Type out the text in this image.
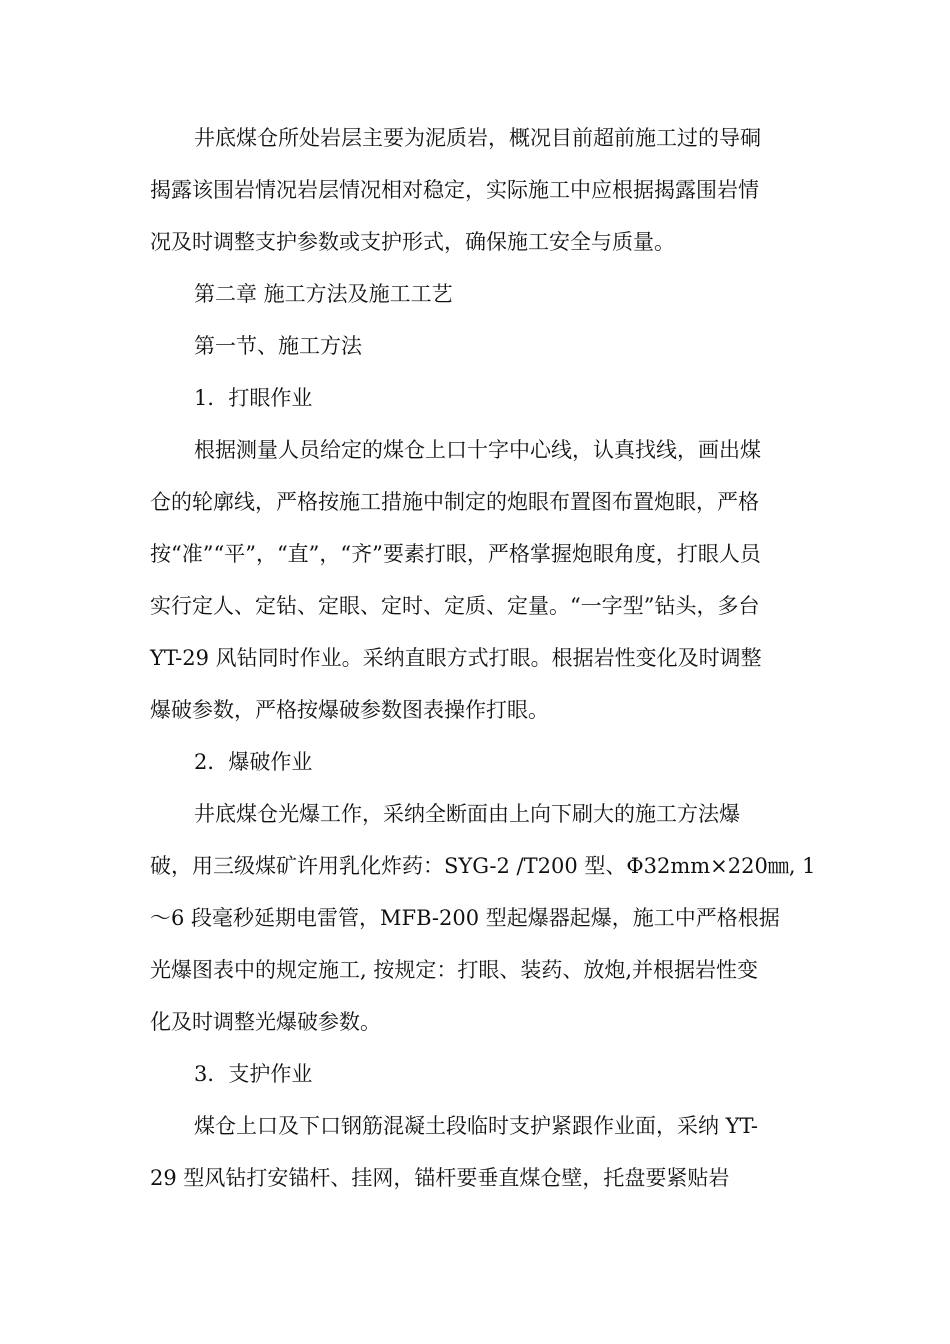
井底煤仓所处岩层主要为泥质岩，概况目前超前施工过的导硐
揭露该围岩情况岩层情况相对稳定，实际施工中应根据揭露围岩情
况及时调整支护参数或支护形式，确保施工安全与质量。
第二章 施工方法及施工工艺
第一节、施工方法
1．打眼作业
根据测量人员给定的煤仓上口十字中心线，认真找线，画出煤
仓的轮廓线，严格按施工措施中制定的炮眼布置图布置炮眼，严格
按“准”“平”，“直”，“齐”要素打眼，严格掌握炮眼角度，打眼人员
实行定人、定钻、定眼、定时、定质、定量。“一字型”钻头，多台
YT-29 风钻同时作业。采纳直眼方式打眼。根据岩性变化及时调整
爆破参数，严格按爆破参数图表操作打眼。
2．爆破作业
井底煤仓光爆工作，采纳全断面由上向下刷大的施工方法爆
破，用三级煤矿许用乳化炸药：SYG-2 /T200 型、Φ32mm×220㎜, 1
～6 段毫秒延期电雷管，MFB-200 型起爆器起爆，施工中严格根据
光爆图表中的规定施工, 按规定：打眼、装药、放炮,并根据岩性变
化及时调整光爆破参数。
3．支护作业
煤仓上口及下口钢筋混凝土段临时支护紧跟作业面，采纳 YT-
29 型风钻打安锚杆、挂网，锚杆要垂直煤仓壁，托盘要紧贴岩
